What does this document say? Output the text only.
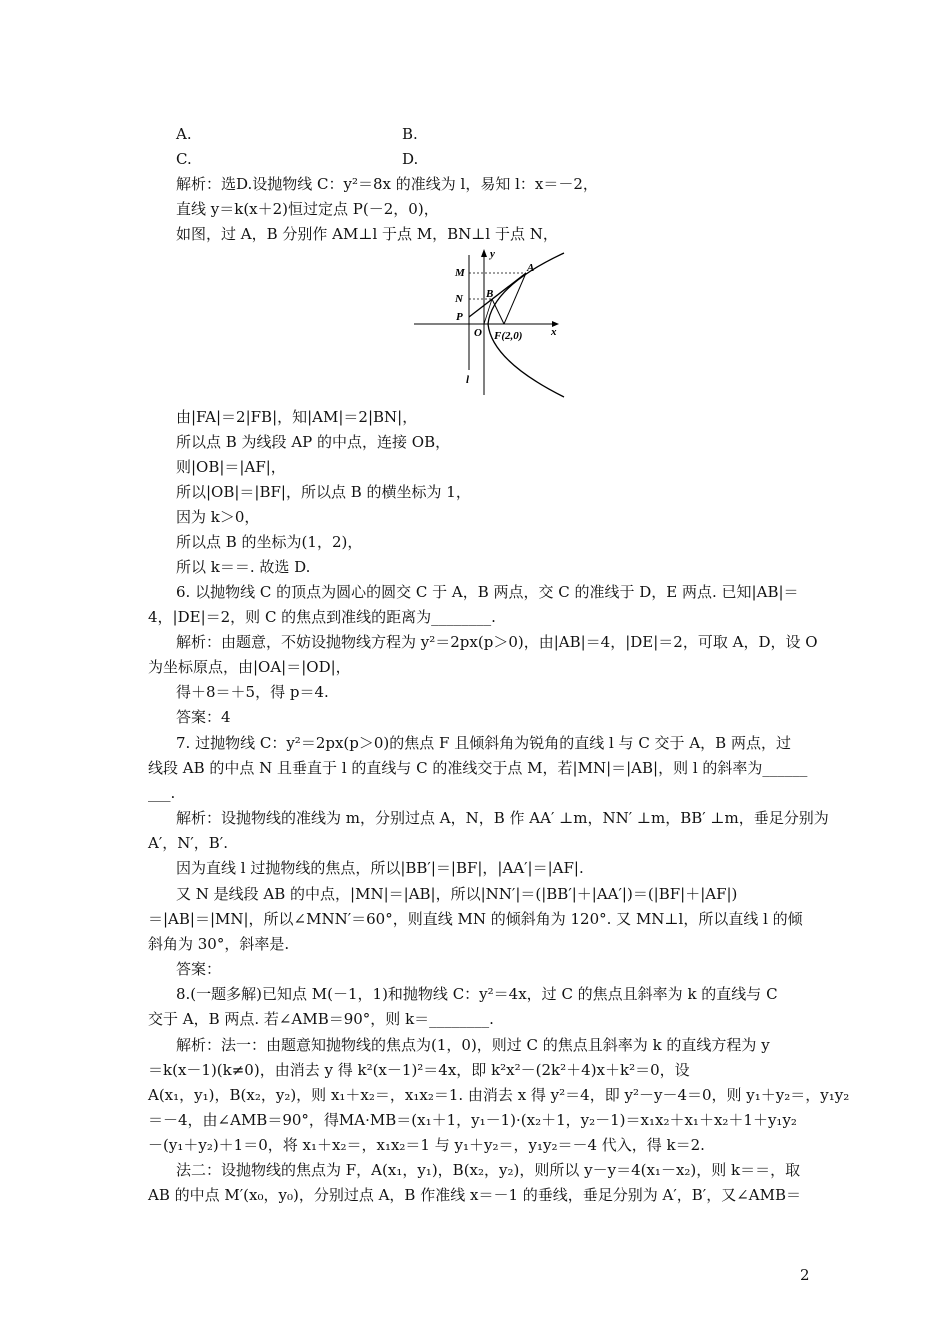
A.	B.
C.	D.
解析：选D.设抛物线 C：y²＝8x 的准线为 l，易知 l：x＝－2，
直线 y＝k(x＋2)恒过定点 P(－2，0)，
如图，过 A，B 分别作 AM⊥l 于点 M，BN⊥l 于点 N，
y
x
M	A
N B
P
O F(2,0)
l
由|FA|＝2|FB|，知|AM|＝2|BN|，
所以点 B 为线段 AP 的中点，连接 OB，
则|OB|＝|AF|，
所以|OB|＝|BF|，所以点 B 的横坐标为 1，
因为 k＞0，
所以点 B 的坐标为(1，2)，
所以 k＝＝. 故选 D.
6. 以抛物线 C 的顶点为圆心的圆交 C 于 A，B 两点，交 C 的准线于 D，E 两点. 已知|AB|＝
4，|DE|＝2，则 C 的焦点到准线的距离为________.
解析：由题意，不妨设抛物线方程为 y²＝2px(p＞0)，由|AB|＝4，|DE|＝2，可取 A，D，设 O
为坐标原点，由|OA|＝|OD|，
得＋8＝＋5，得 p＝4.
答案：4
7. 过抛物线 C：y²＝2px(p＞0)的焦点 F 且倾斜角为锐角的直线 l 与 C 交于 A，B 两点，过
线段 AB 的中点 N 且垂直于 l 的直线与 C 的准线交于点 M，若|MN|＝|AB|，则 l 的斜率为______
___.
解析：设抛物线的准线为 m，分别过点 A，N，B 作 AA′ ⊥m，NN′ ⊥m，BB′ ⊥m，垂足分别为
A′，N′，B′.
因为直线 l 过抛物线的焦点，所以|BB′|＝|BF|，|AA′|＝|AF|.
又 N 是线段 AB 的中点，|MN|＝|AB|，所以|NN′|＝(|BB′|＋|AA′|)＝(|BF|＋|AF|)
＝|AB|＝|MN|，所以∠MNN′＝60°，则直线 MN 的倾斜角为 120°. 又 MN⊥l，所以直线 l 的倾
斜角为 30°，斜率是.
答案：
8.(一题多解)已知点 M(－1，1)和抛物线 C：y²＝4x，过 C 的焦点且斜率为 k 的直线与 C
交于 A，B 两点. 若∠AMB＝90°，则 k＝________.
解析：法一：由题意知抛物线的焦点为(1，0)，则过 C 的焦点且斜率为 k 的直线方程为 y
＝k(x－1)(k≠0)，由消去 y 得 k²(x－1)²＝4x，即 k²x²－(2k²＋4)x＋k²＝0，设
A(x₁，y₁)，B(x₂，y₂)，则 x₁＋x₂＝，x₁x₂＝1. 由消去 x 得 y²＝4，即 y²－y－4＝0，则 y₁＋y₂＝，y₁y₂
＝－4，由∠AMB＝90°，得MA·MB＝(x₁＋1，y₁－1)·(x₂＋1，y₂－1)＝x₁x₂＋x₁＋x₂＋1＋y₁y₂
－(y₁＋y₂)＋1＝0，将 x₁＋x₂＝，x₁x₂＝1 与 y₁＋y₂＝，y₁y₂＝－4 代入，得 k＝2.
法二：设抛物线的焦点为 F，A(x₁，y₁)，B(x₂，y₂)，则所以 y－y＝4(x₁－x₂)，则 k＝＝，取
AB 的中点 M′(x₀，y₀)，分别过点 A，B 作准线 x＝－1 的垂线，垂足分别为 A′，B′，又∠AMB＝
2
